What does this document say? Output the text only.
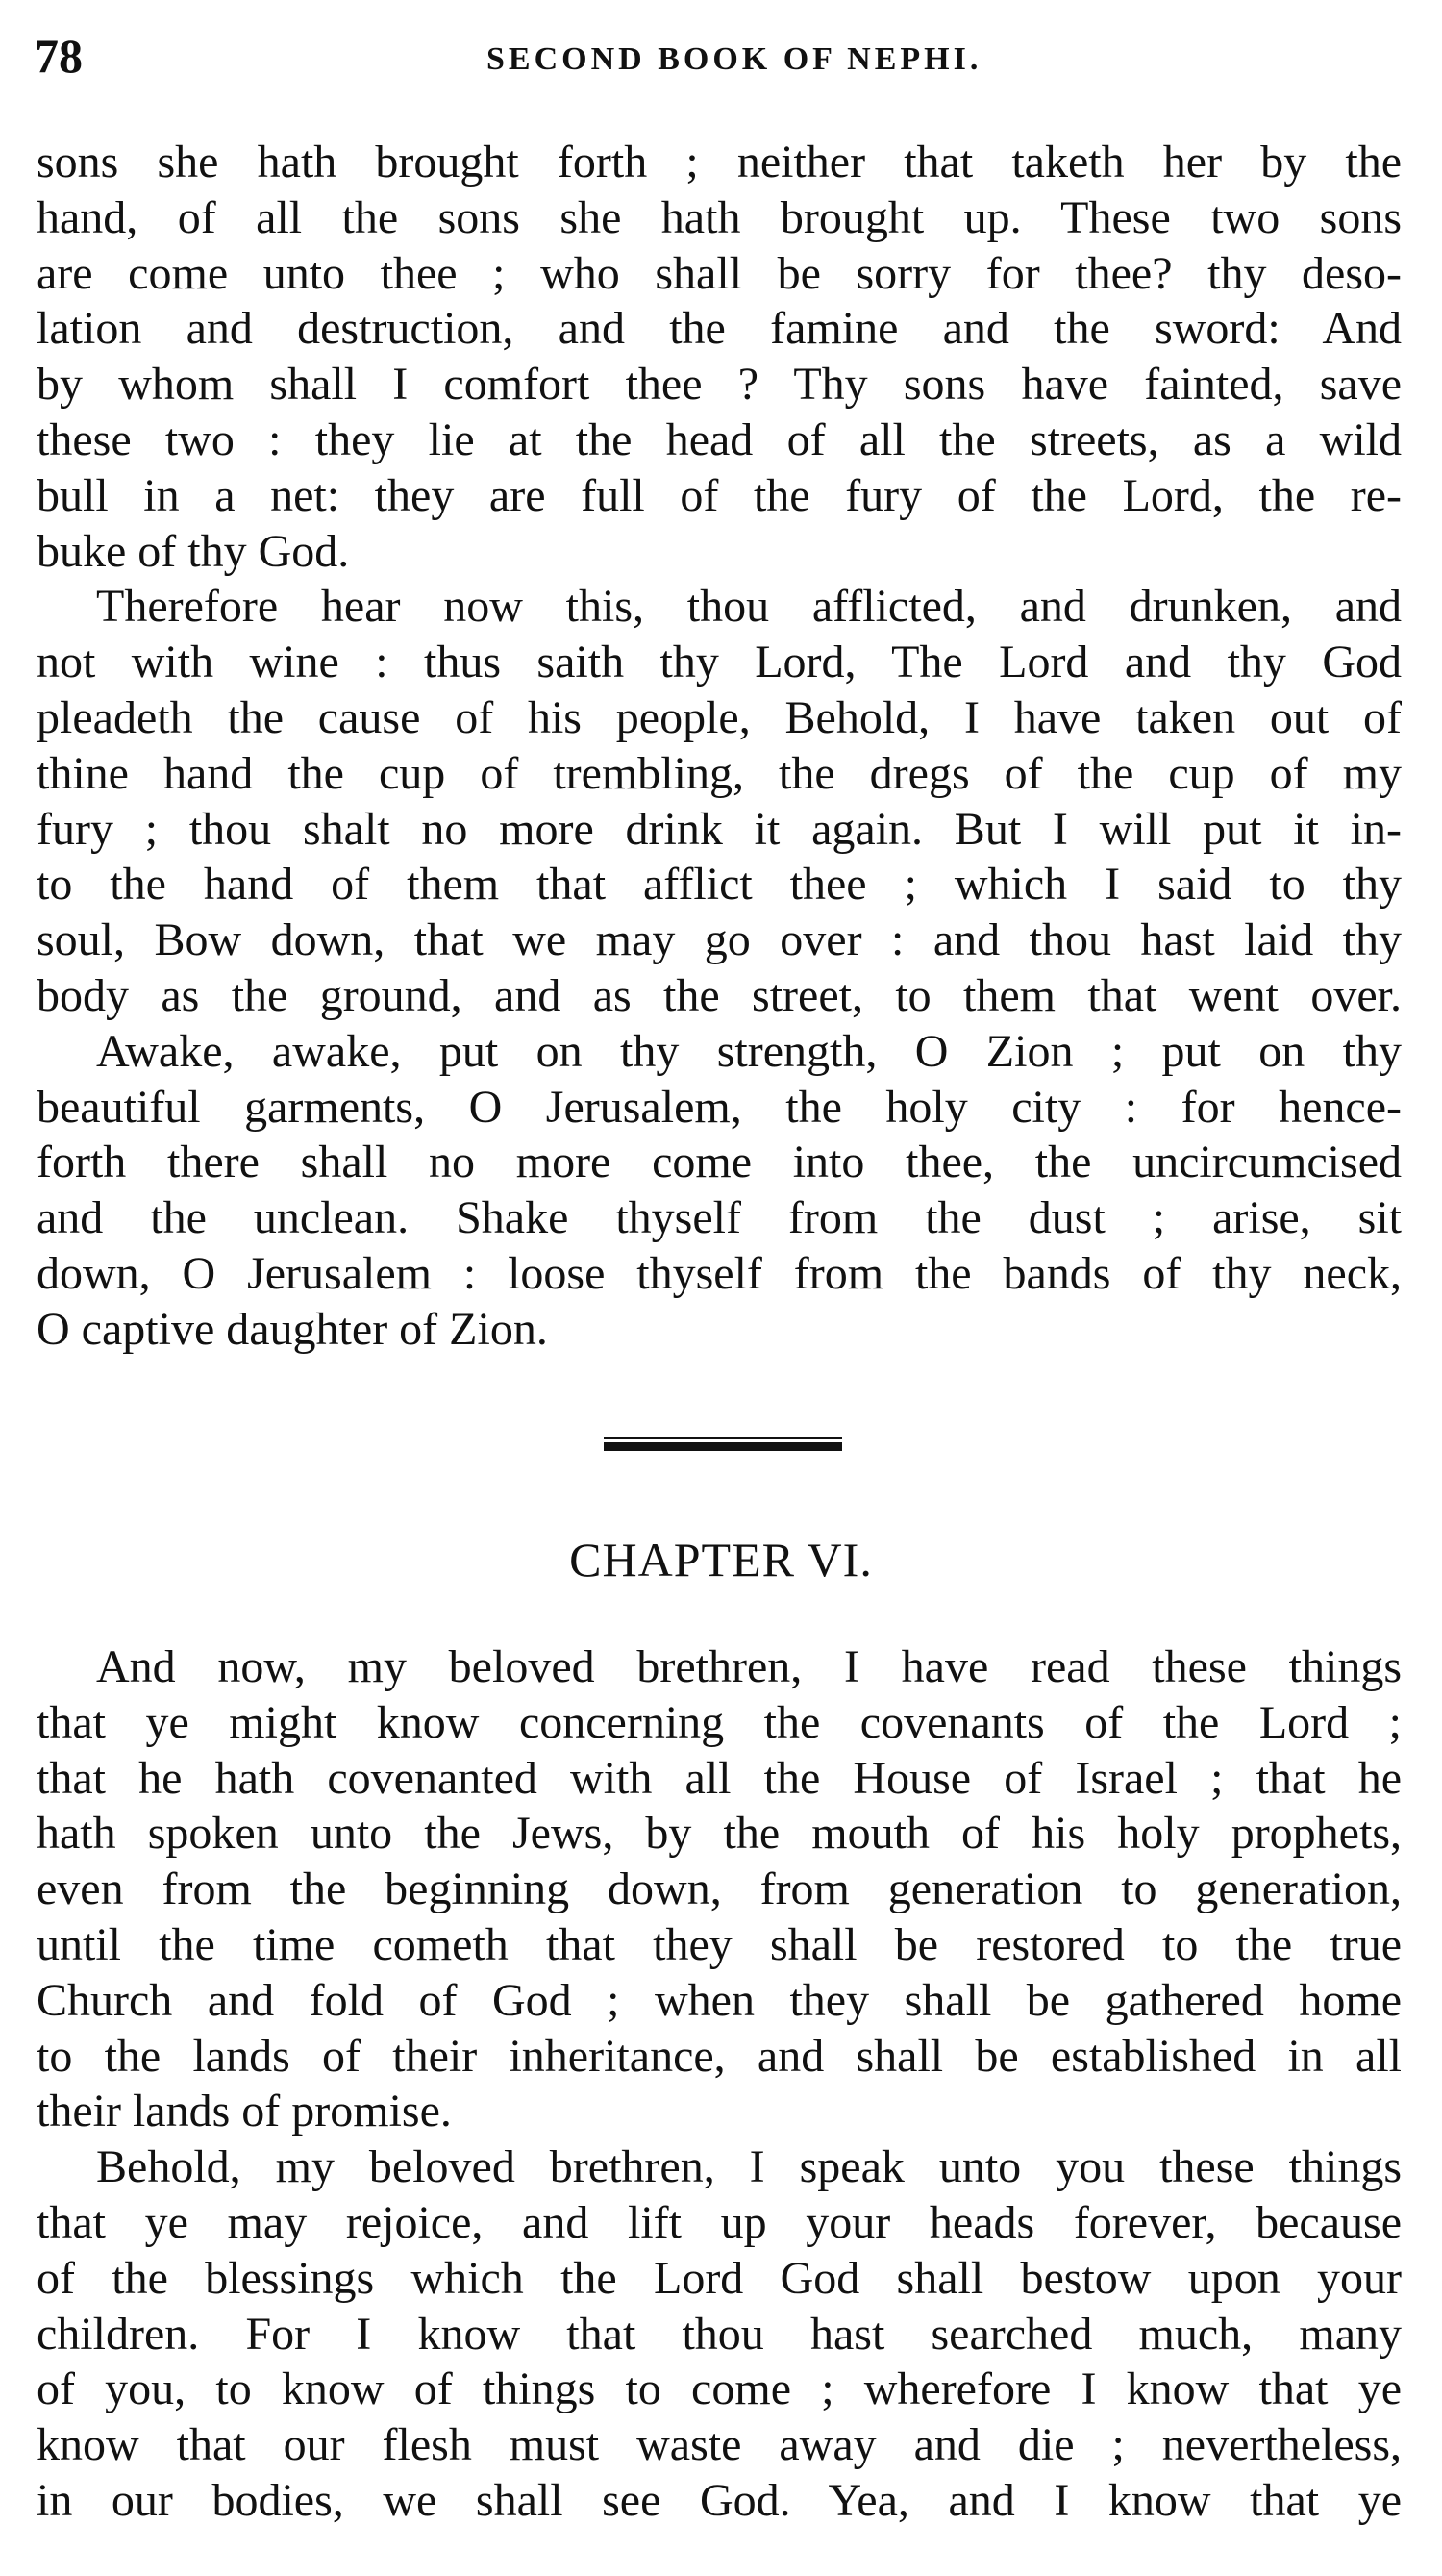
78	SECOND BOOK OF NEPHI.
sons she hath brought forth ; neither that taketh her by the
hand, of all the sons she hath brought up. These two sons
are come unto thee ; who shall be sorry for thee? thy deso-
lation and destruction, and the famine and the sword: And
by whom shall I comfort thee ? Thy sons have fainted, save
these two : they lie at the head of all the streets, as a wild
bull in a net: they are full of the fury of the Lord, the re-
buke of thy God.
Therefore hear now this, thou afflicted, and drunken, and
not with wine : thus saith thy Lord, The Lord and thy God
pleadeth the cause of his people, Behold, I have taken out of
thine hand the cup of trembling, the dregs of the cup of my
fury ; thou shalt no more drink it again. But I will put it in-
to the hand of them that afflict thee ; which I said to thy
soul, Bow down, that we may go over : and thou hast laid thy
body as the ground, and as the street, to them that went over.
Awake, awake, put on thy strength, O Zion ; put on thy
beautiful garments, O Jerusalem, the holy city : for hence-
forth there shall no more come into thee, the uncircumcised
and the unclean. Shake thyself from the dust ; arise, sit
down, O Jerusalem : loose thyself from the bands of thy neck,
O captive daughter of Zion.
CHAPTER VI.
And now, my beloved brethren, I have read these things
that ye might know concerning the covenants of the Lord ;
that he hath covenanted with all the House of Israel ; that he
hath spoken unto the Jews, by the mouth of his holy prophets,
even from the beginning down, from generation to generation,
until the time cometh that they shall be restored to the true
Church and fold of God ; when they shall be gathered home
to the lands of their inheritance, and shall be established in all
their lands of promise.
Behold, my beloved brethren, I speak unto you these things
that ye may rejoice, and lift up your heads forever, because
of the blessings which the Lord God shall bestow upon your
children. For I know that thou hast searched much, many
of you, to know of things to come ; wherefore I know that ye
know that our flesh must waste away and die ; nevertheless,
in our bodies, we shall see God. Yea, and I know that ye
